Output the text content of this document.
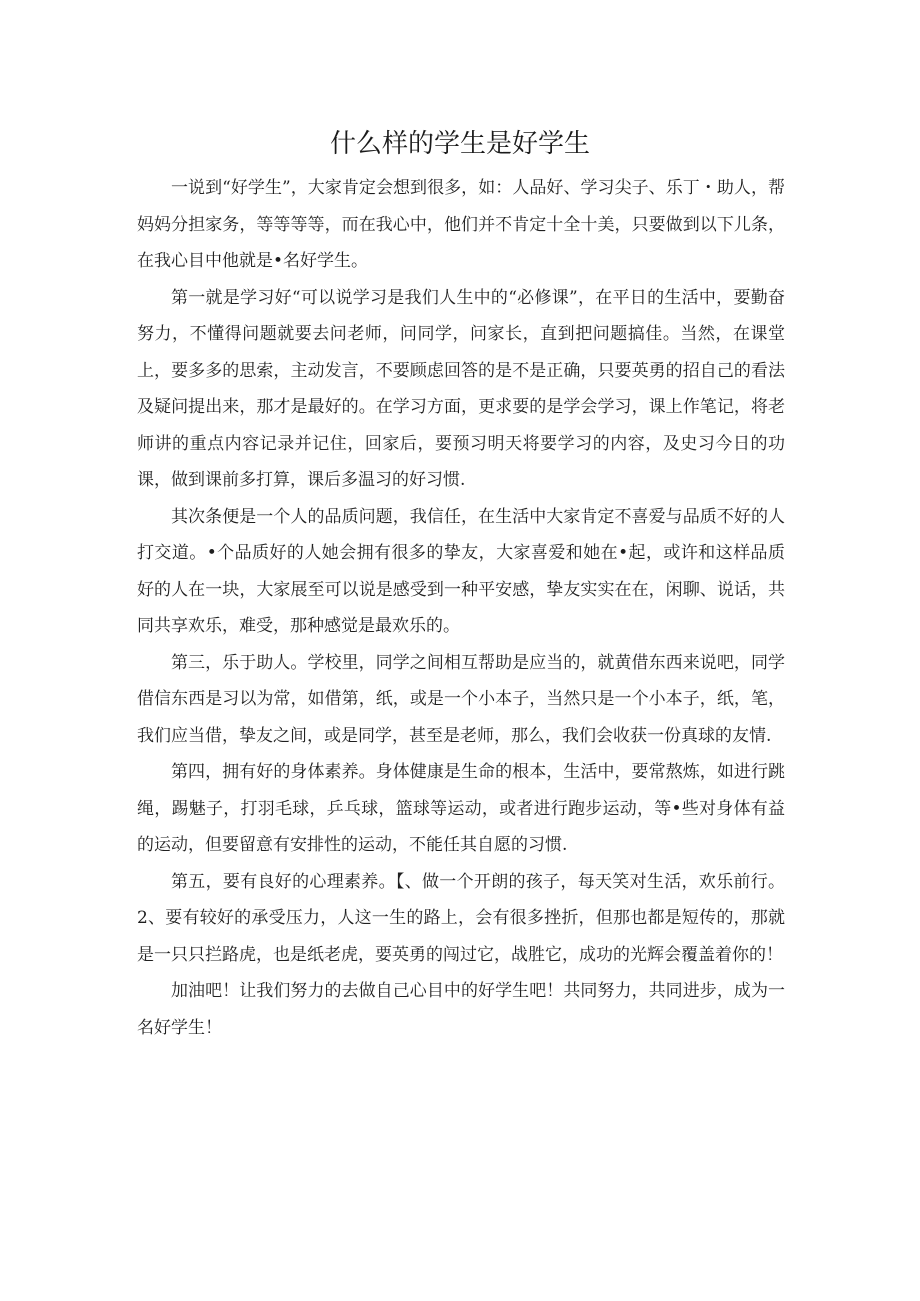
什么样的学生是好学生

一说到“好学生”，大家肯定会想到很多，如：人品好、学习尖子、乐丁・助人，帮妈妈分担家务，等等等等，而在我心中，他们并不肯定十全十美，只要做到以下儿条，在我心目中他就是•名好学生。

第一就是学习好“可以说学习是我们人生中的“必修课”，在平日的生活中，要勤奋努力，不懂得问题就要去问老师，问同学，问家长，直到把问题搞佳。当然，在课堂上，要多多的思索，主动发言，不要顾虑回答的是不是正确，只要英勇的招自己的看法及疑问提出来，那才是最好的。在学习方面，更求要的是学会学习，课上作笔记，将老师讲的重点内容记录并记住，回家后，要预习明天将要学习的内容，及史习今日的功课，做到课前多打算，课后多温习的好习惯.

其次条便是一个人的品质问题，我信任，在生活中大家肯定不喜爱与品质不好的人打交道。•个品质好的人她会拥有很多的挚友，大家喜爱和她在•起，或许和这样品质好的人在一块，大家展至可以说是感受到一种平安感，挚友实实在在，闲聊、说话，共同共享欢乐，难受，那种感觉是最欢乐的。

第三，乐于助人。学校里，同学之间相互帮助是应当的，就黄借东西来说吧，同学借信东西是习以为常，如借第，纸，或是一个小本子，当然只是一个小本子，纸，笔，我们应当借，挚友之间，或是同学，甚至是老师，那么，我们会收获一份真球的友情.

第四，拥有好的身体素养。身体健康是生命的根本，生活中，要常熬炼，如进行跳绳，踢魅子，打羽毛球，乒乓球，篮球等运动，或者进行跑步运动，等•些对身体有益的运动，但要留意有安排性的运动，不能任其自愿的习惯.

第五，要有良好的心理素养。【、做一个开朗的孩子，每天笑对生活，欢乐前行。2、要有较好的承受压力，人这一生的路上，会有很多挫折，但那也都是短传的，那就是一只只拦路虎，也是纸老虎，要英勇的闯过它，战胜它，成功的光辉会覆盖着你的！

加油吧！让我们努力的去做自己心目中的好学生吧！共同努力，共同进步，成为一名好学生！
